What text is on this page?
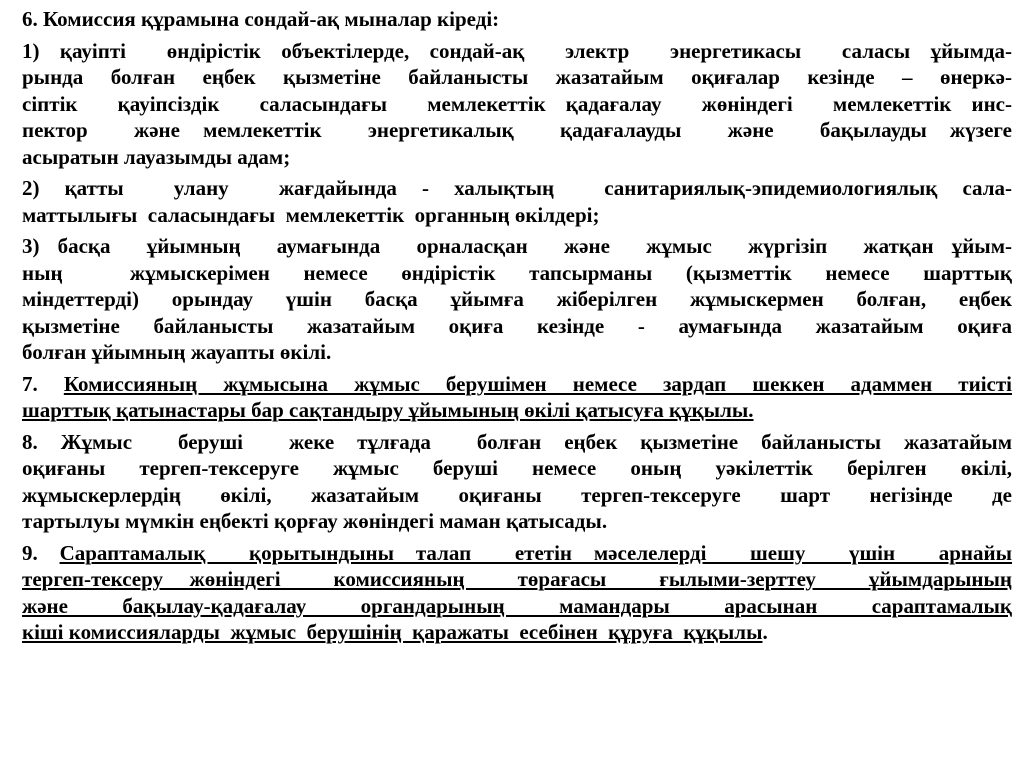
6. Комиссия құрамына сондай-ақ мыналар кіреді:
1) қауіпті  өндірістік объектілерде, сондай-ақ  электр  энергетикасы  саласы ұйымда-
рында болған еңбек қызметіне байланысты жазатайым оқиғалар кезінде – өнеркə-
сіптік  қауіпсіздік  саласындағы  мемлекеттік қадағалау  жөніндегі  мемлекеттік инс-
пектор  және мемлекеттік  энергетикалық  қадағалауды  және  бақылауды жүзеге
асыратын лауазымды адам;
2) қатты  улану  жағдайында - халықтың  санитариялық-эпидемиологиялық сала-
маттылығы  саласындағы  мемлекеттік  органның өкілдері;
3) басқа  ұйымның  аумағында  орналасқан  және  жұмыс  жүргізіп  жатқан ұйым-
ның  жұмыскерімен немесе өндірістік тапсырманы (қызметтік немесе шарттық
міндеттерді) орындау үшін басқа ұйымға жіберілген жұмыскермен болған, еңбек
қызметіне байланысты жазатайым оқиға кезінде - аумағында жазатайым оқиға
болған ұйымның жауапты өкілі.
7. Комиссияның жұмысына жұмыс берушімен немесе зардап шеккен адаммен тиісті
шарттық қатынастары бар сақтандыру ұйымының өкілі қатысуға құқылы.
8. Жұмыс  беруші  жеке тұлғада  болған еңбек қызметіне байланысты жазатайым
оқиғаны тергеп-тексеруге жұмыс беруші немесе оның уәкілеттік берілген өкілі,
жұмыскерлердің өкілі, жазатайым оқиғаны тергеп-тексеруге шарт негізінде де
тартылуы мүмкін еңбекті қорғау жөніндегі маман қатысады.
9. Сараптамалық  қорытындыны талап  ететін мәселелерді  шешу  үшін  арнайы
тергеп-тексеру жөніндегі  комиссияның  төрағасы  ғылыми-зерттеу  ұйымдарының
және  бақылау-қадағалау  органдарының  мамандары  арасынан  сараптамалық
кіші комиссияларды  жұмыс  берушінің  қаражаты  есебінен  құруға  құқылы.
